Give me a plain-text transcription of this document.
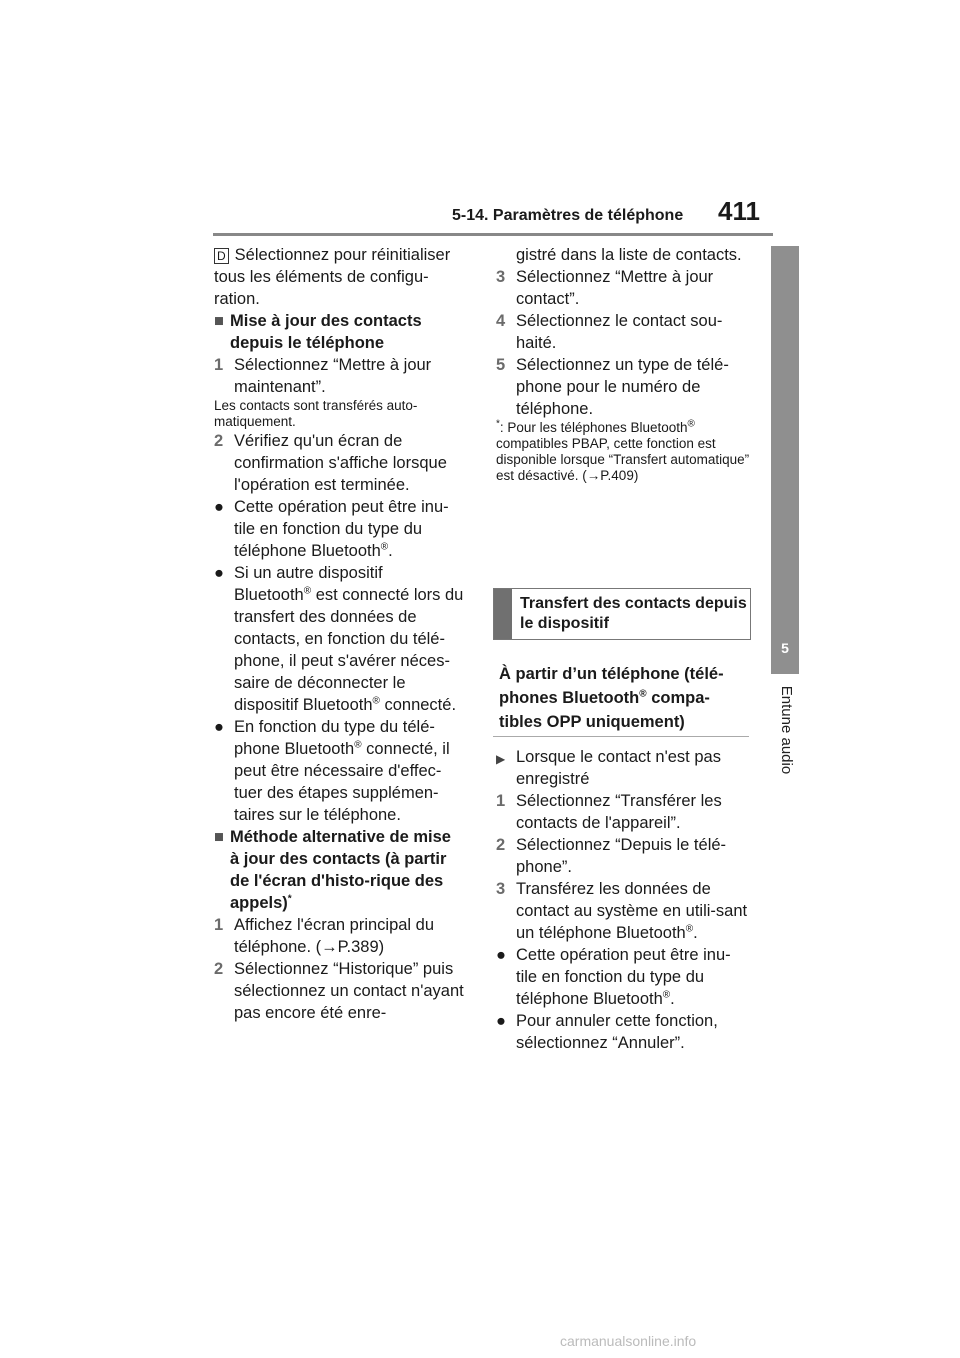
5-14. Paramètres de téléphone 411
5
Entune audio

D Sélectionnez pour réinitialiser tous les éléments de configu-ration.

■ Mise à jour des contacts depuis le téléphone

1 Sélectionnez “Mettre à jour maintenant”.

Les contacts sont transférés auto-matiquement.

2 Vérifiez qu'un écran de confirmation s'affiche lorsque l'opération est terminée.

● Cette opération peut être inu-tile en fonction du type du téléphone Bluetooth®.

● Si un autre dispositif Bluetooth® est connecté lors du transfert des données de contacts, en fonction du télé-phone, il peut s'avérer néces-saire de déconnecter le dispositif Bluetooth® connecté.

● En fonction du type du télé-phone Bluetooth® connecté, il peut être nécessaire d'effec-tuer des étapes supplémen-taires sur le téléphone.

■ Méthode alternative de mise à jour des contacts (à partir de l'écran d'histo-rique des appels)*

1 Affichez l'écran principal du téléphone. (→P.389)

2 Sélectionnez “Historique” puis sélectionnez un contact n'ayant pas encore été enre-

gistré dans la liste de contacts.

3 Sélectionnez “Mettre à jour contact”.

4 Sélectionnez le contact sou-haité.

5 Sélectionnez un type de télé-phone pour le numéro de téléphone.

*: Pour les téléphones Bluetooth® compatibles PBAP, cette fonction est disponible lorsque “Transfert automatique” est désactivé. (→P.409)

Transfert des contacts depuis le dispositif
À partir d’un téléphone (télé-phones Bluetooth® compa-tibles OPP uniquement)

▶ Lorsque le contact n'est pas enregistré

1 Sélectionnez “Transférer les contacts de l'appareil”.

2 Sélectionnez “Depuis le télé-phone”.

3 Transférez les données de contact au système en utili-sant un téléphone Bluetooth®.

● Cette opération peut être inu-tile en fonction du type du téléphone Bluetooth®.

● Pour annuler cette fonction, sélectionnez “Annuler”.

carmanualsonline.info
